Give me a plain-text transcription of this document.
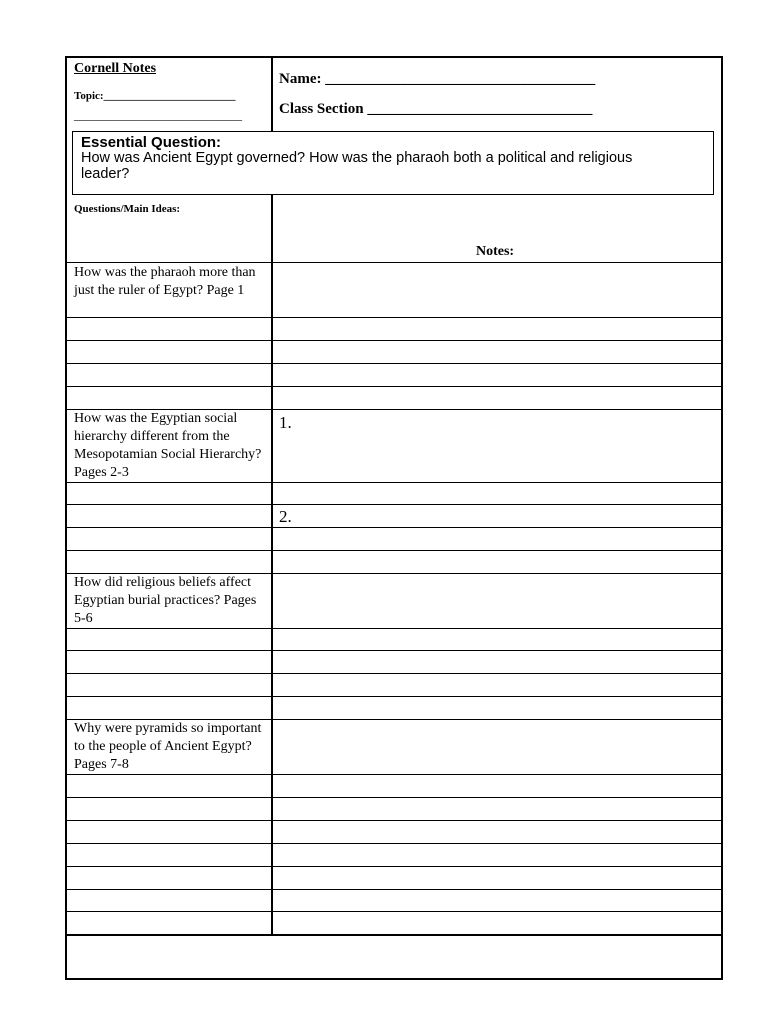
Cornell Notes
Topic:________________________
____________________________
Name: ____________________________________
Class Section ______________________________
Essential Question:
How was Ancient Egypt governed? How was the pharaoh both a political and religious
leader?
Questions/Main Ideas:
Notes:
How was the pharaoh more than just the ruler of Egypt? Page 1
How was the Egyptian social hierarchy different from the Mesopotamian Social Hierarchy? Pages 2-3
How did religious beliefs affect Egyptian burial practices? Pages 5-6
Why were pyramids so important to the people of Ancient Egypt? Pages 7-8
1.
2.
